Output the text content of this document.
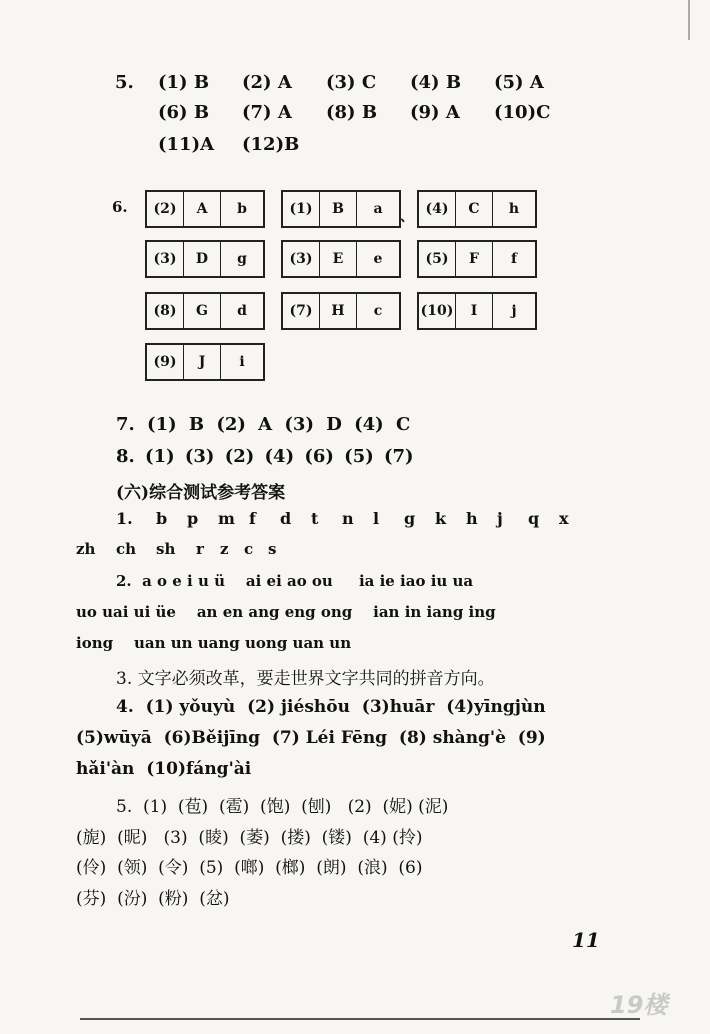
5. (1) B (2) A (3) C (4) B (5) A
(6) B (7) A (8) B (9) A (10)C
(11)A (12)B
6.
、
(2)	A	b	(1)	B	a	(4)	C	h
(3)	D	g	(3)	E	e	(5)	F	f
(8)	G	d	(7)	H	c	(10)	I	j
(9)	J	i
7. (1) B (2) A (3) D (4) C
8. (1) (3) (2) (4) (6) (5) (7)
(六)综合测试参考答案
1. b p m f d t n l g k h j q x
zh ch sh r z c s
2.  a o e i u ü    ai ei ao ou     ia ie iao iu ua
uo uai ui üe    an en ang eng ong    ian in iang ing
iong    uan un uang uong uan un
3. 文字必须改革，要走世界文字共同的拼音方向。
4.  (1) yǒuyù  (2) jiéshōu  (3)huār  (4)yīngjùn
(5)wūyā  (6)Běijīng  (7) Léi Fēng  (8) shàng'è  (9)
hǎi'àn  (10)fáng'ài
5.  (1)  (苞)  (雹)  (饱)  (刨)   (2)  (妮) (泥)
(旎)  (昵)   (3)  (睖)  (萎)  (搂)  (镂)  (4) (拎)
(伶)  (领)  (令)  (5)  (啷)  (榔)  (朗)  (浪)  (6)
(芬)  (汾)  (粉)  (忿)
11
19楼
